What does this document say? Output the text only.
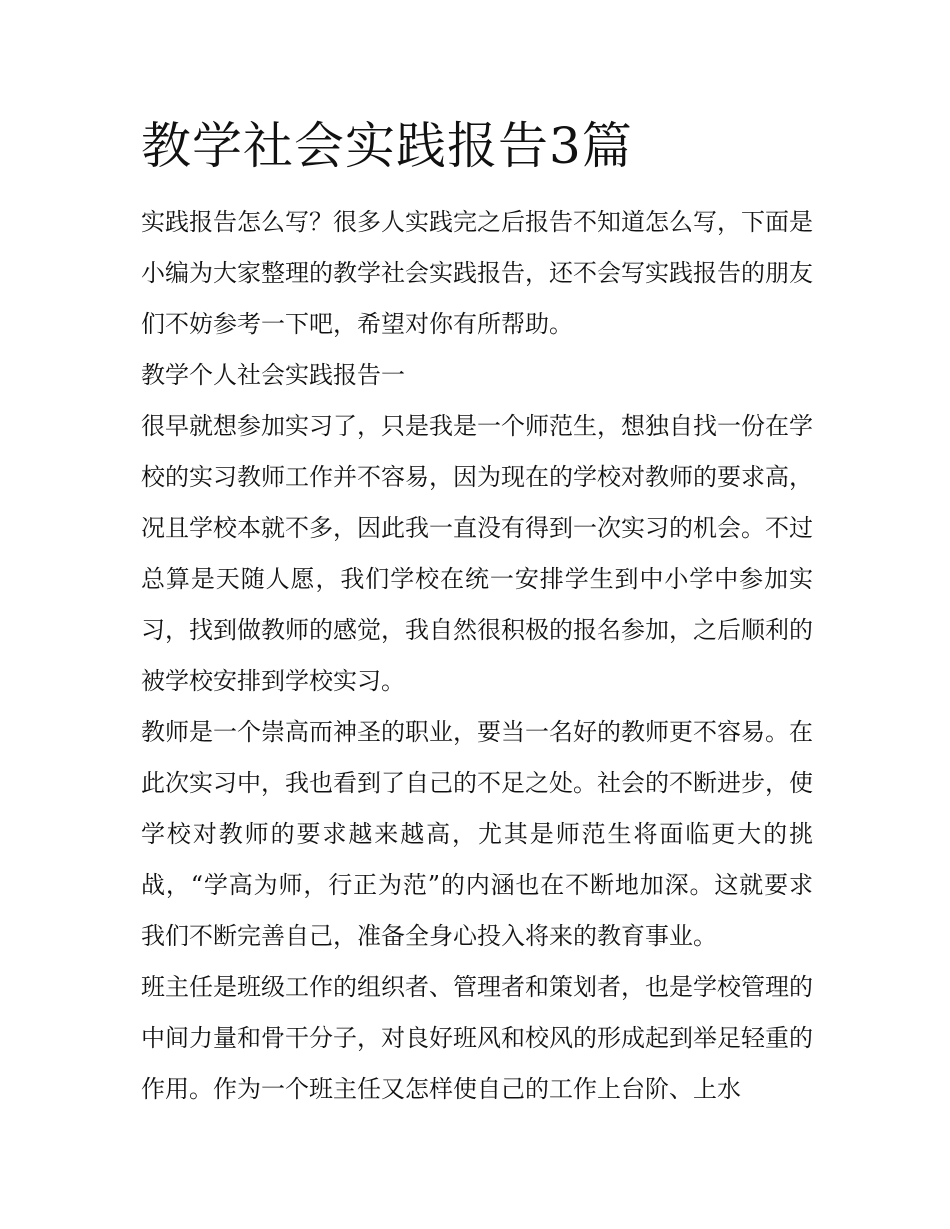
教学社会实践报告3篇

实践报告怎么写？很多人实践完之后报告不知道怎么写，下面是小编为大家整理的教学社会实践报告，还不会写实践报告的朋友们不妨参考一下吧，希望对你有所帮助。

教学个人社会实践报告一

很早就想参加实习了，只是我是一个师范生，想独自找一份在学校的实习教师工作并不容易，因为现在的学校对教师的要求高，况且学校本就不多，因此我一直没有得到一次实习的机会。不过总算是天随人愿，我们学校在统一安排学生到中小学中参加实习，找到做教师的感觉，我自然很积极的报名参加，之后顺利的被学校安排到学校实习。

教师是一个崇高而神圣的职业，要当一名好的教师更不容易。在此次实习中，我也看到了自己的不足之处。社会的不断进步，使学校对教师的要求越来越高，尤其是师范生将面临更大的挑战，“学高为师，行正为范”的内涵也在不断地加深。这就要求我们不断完善自己，准备全身心投入将来的教育事业。

班主任是班级工作的组织者、管理者和策划者，也是学校管理的中间力量和骨干分子，对良好班风和校风的形成起到举足轻重的作用。作为一个班主任又怎样使自己的工作上台阶、上水
